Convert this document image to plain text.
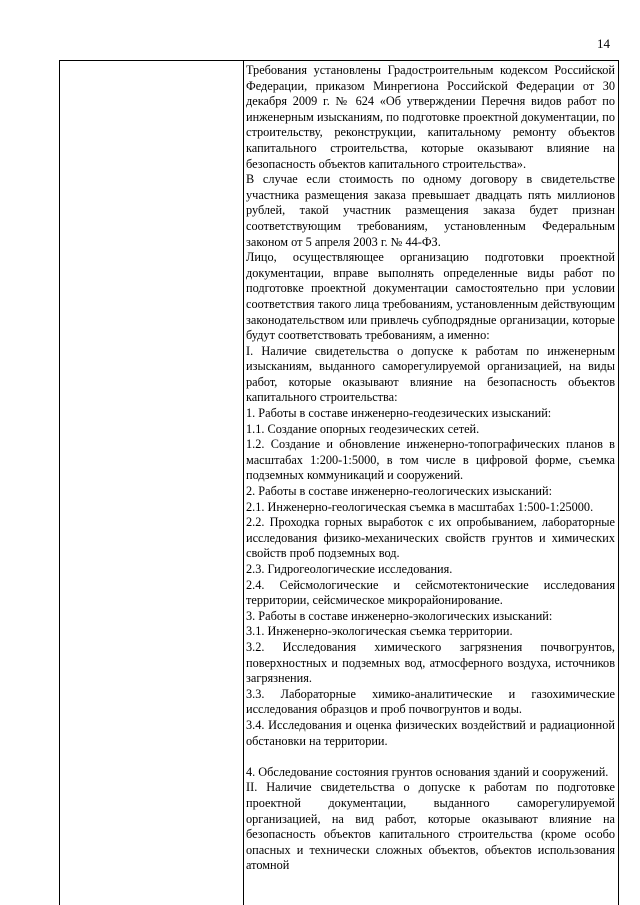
14

Требования установлены Градостроительным кодексом Российской Федерации, приказом Минрегиона Российской Федерации от 30 декабря 2009 г. № 624 «Об утверждении Перечня видов работ по инженерным изысканиям, по подготовке проектной документации, по строительству, реконструкции, капитальному ремонту объектов капитального строительства, которые оказывают влияние на безопасность объектов капитального строительства».

В случае если стоимость по одному договору в свидетельстве участника размещения заказа превышает двадцать пять миллионов рублей, такой участник размещения заказа будет признан соответствующим требованиям, установленным Федеральным законом от 5 апреля 2003 г. № 44-ФЗ.

Лицо, осуществляющее организацию подготовки проектной документации, вправе выполнять определенные виды работ по подготовке проектной документации самостоятельно при условии соответствия такого лица требованиям, установленным действующим законодательством или привлечь субподрядные организации, которые будут соответствовать требованиям, а именно:

I. Наличие свидетельства о допуске к работам по инженерным изысканиям, выданного саморегулируемой организацией, на виды работ, которые оказывают влияние на безопасность объектов капитального строительства:

1. Работы в составе инженерно-геодезических изысканий:

1.1. Создание опорных геодезических сетей.

1.2. Создание и обновление инженерно-топографических планов в масштабах 1:200-1:5000, в том числе в цифровой форме, съемка подземных коммуникаций и сооружений.

2. Работы в составе инженерно-геологических изысканий:

2.1. Инженерно-геологическая съемка в масштабах 1:500-1:25000.

2.2. Проходка горных выработок с их опробыванием, лабораторные исследования физико-механических свойств грунтов и химических свойств проб подземных вод.

2.3. Гидрогеологические исследования.

2.4. Сейсмологические и сейсмотектонические исследования территории, сейсмическое микрорайонирование.

3. Работы в составе инженерно-экологических изысканий:

3.1. Инженерно-экологическая съемка территории.

3.2. Исследования химического загрязнения почвогрунтов, поверхностных и подземных вод, атмосферного воздуха, источников загрязнения.

3.3. Лабораторные химико-аналитические и газохимические исследования образцов и проб почвогрунтов и воды.

3.4. Исследования и оценка физических воздействий и радиационной обстановки на территории.

4. Обследование состояния грунтов основания зданий и сооружений.

II. Наличие свидетельства о допуске к работам по подготовке проектной документации, выданного саморегулируемой организацией, на вид работ, которые оказывают влияние на безопасность объектов капитального строительства (кроме особо опасных и технически сложных объектов, объектов использования атомной
